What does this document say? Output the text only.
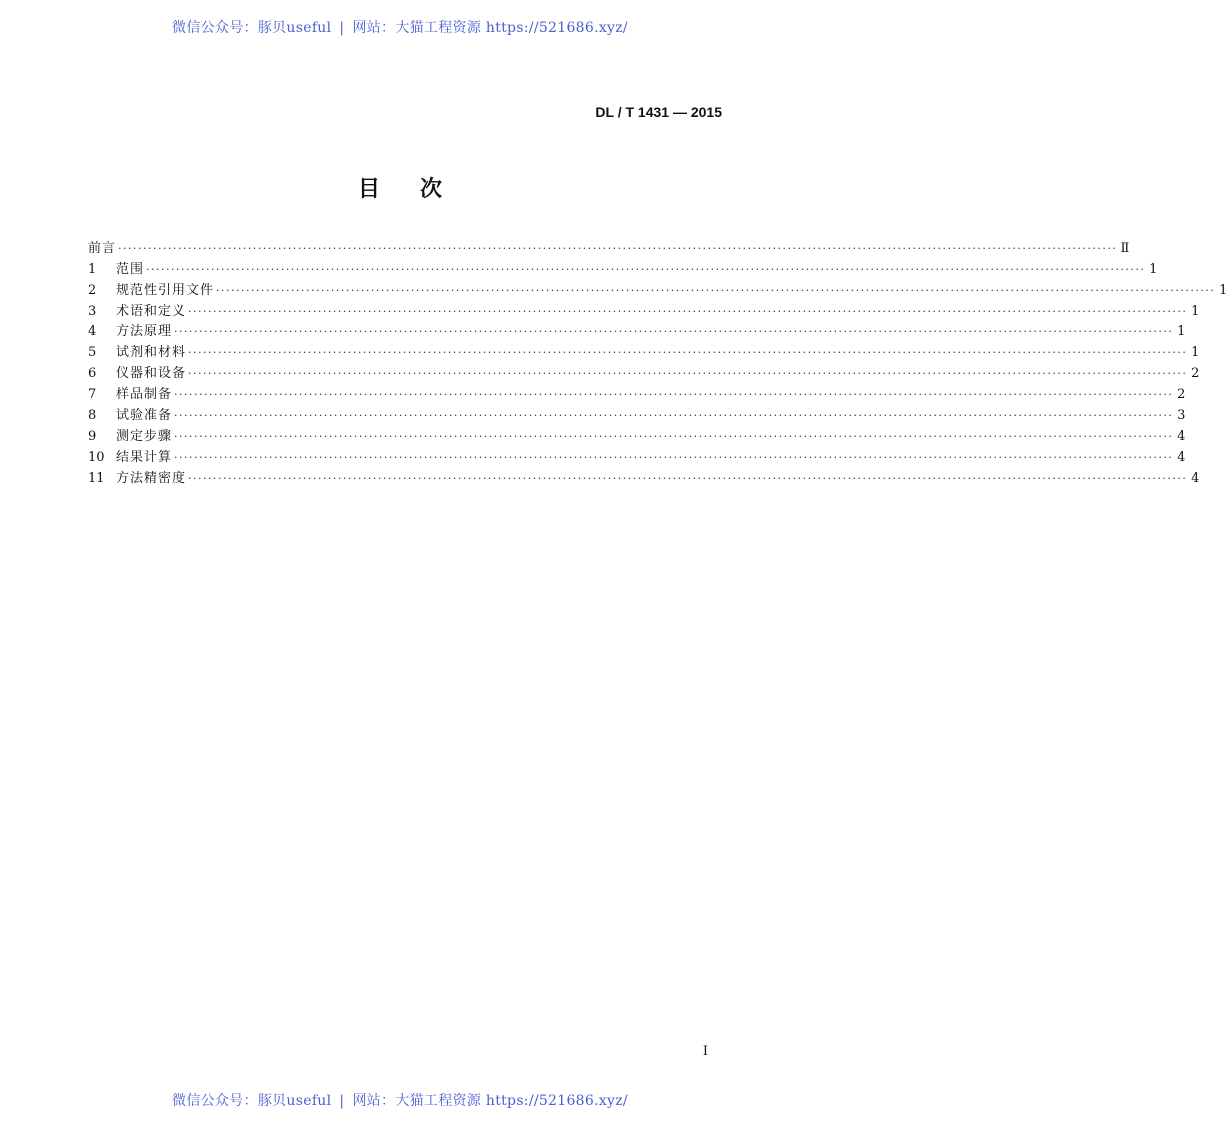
微信公众号：豚贝useful | 网站：大猫工程资源 https://521686.xyz/
DL / T 1431 — 2015
目次
前言 ········································································································································································································ Ⅱ
1	范围 ········································································································································································································ 1
2	规范性引用文件 ········································································································································································································ 1
3	术语和定义 ········································································································································································································ 1
4	方法原理 ········································································································································································································ 1
5	试剂和材料 ········································································································································································································ 1
6	仪器和设备 ········································································································································································································ 2
7	样品制备 ········································································································································································································ 2
8	试验准备 ········································································································································································································ 3
9	测定步骤 ········································································································································································································ 4
10 结果计算 ········································································································································································································ 4
11 方法精密度 ········································································································································································································ 4
I
微信公众号：豚贝useful | 网站：大猫工程资源 https://521686.xyz/
